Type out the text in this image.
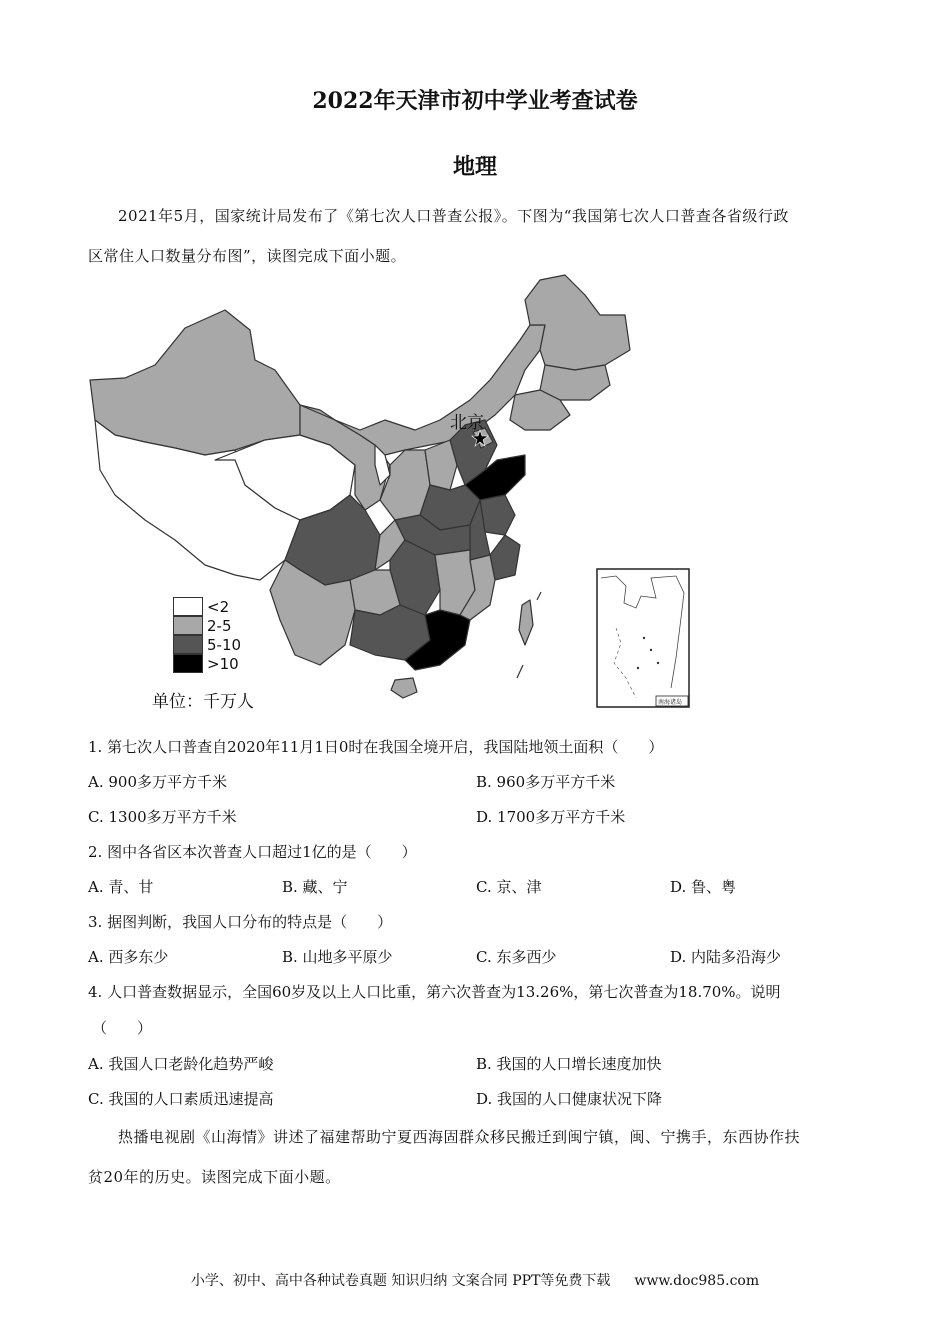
2022年天津市初中学业考查试卷
地理
2021年5月，国家统计局发布了《第七次人口普查公报》。下图为“我国第七次人口普查各省级行政
区常住人口数量分布图”，读图完成下面小题。
北京
南海诸岛
<2
2-5
5-10
>10
单位：千万人
1. 第七次人口普查自2020年11月1日0时在我国全境开启，我国陆地领土面积（　　）
A. 900多万平方千米	B. 960多万平方千米
C. 1300多万平方千米	D. 1700多万平方千米
2. 图中各省区本次普查人口超过1亿的是（　　）
A. 青、甘	B. 藏、宁	C. 京、津	D. 鲁、粤
3. 据图判断，我国人口分布的特点是（　　）
A. 西多东少	B. 山地多平原少	C. 东多西少	D. 内陆多沿海少
4. 人口普查数据显示，全国60岁及以上人口比重，第六次普查为13.26%，第七次普查为18.70%。说明
（　　）
A. 我国人口老龄化趋势严峻	B. 我国的人口增长速度加快
C. 我国的人口素质迅速提高	D. 我国的人口健康状况下降
热播电视剧《山海情》讲述了福建帮助宁夏西海固群众移民搬迁到闽宁镇，闽、宁携手，东西协作扶
贫20年的历史。读图完成下面小题。
小学、初中、高中各种试卷真题 知识归纳 文案合同 PPT等免费下载 www.doc985.com
